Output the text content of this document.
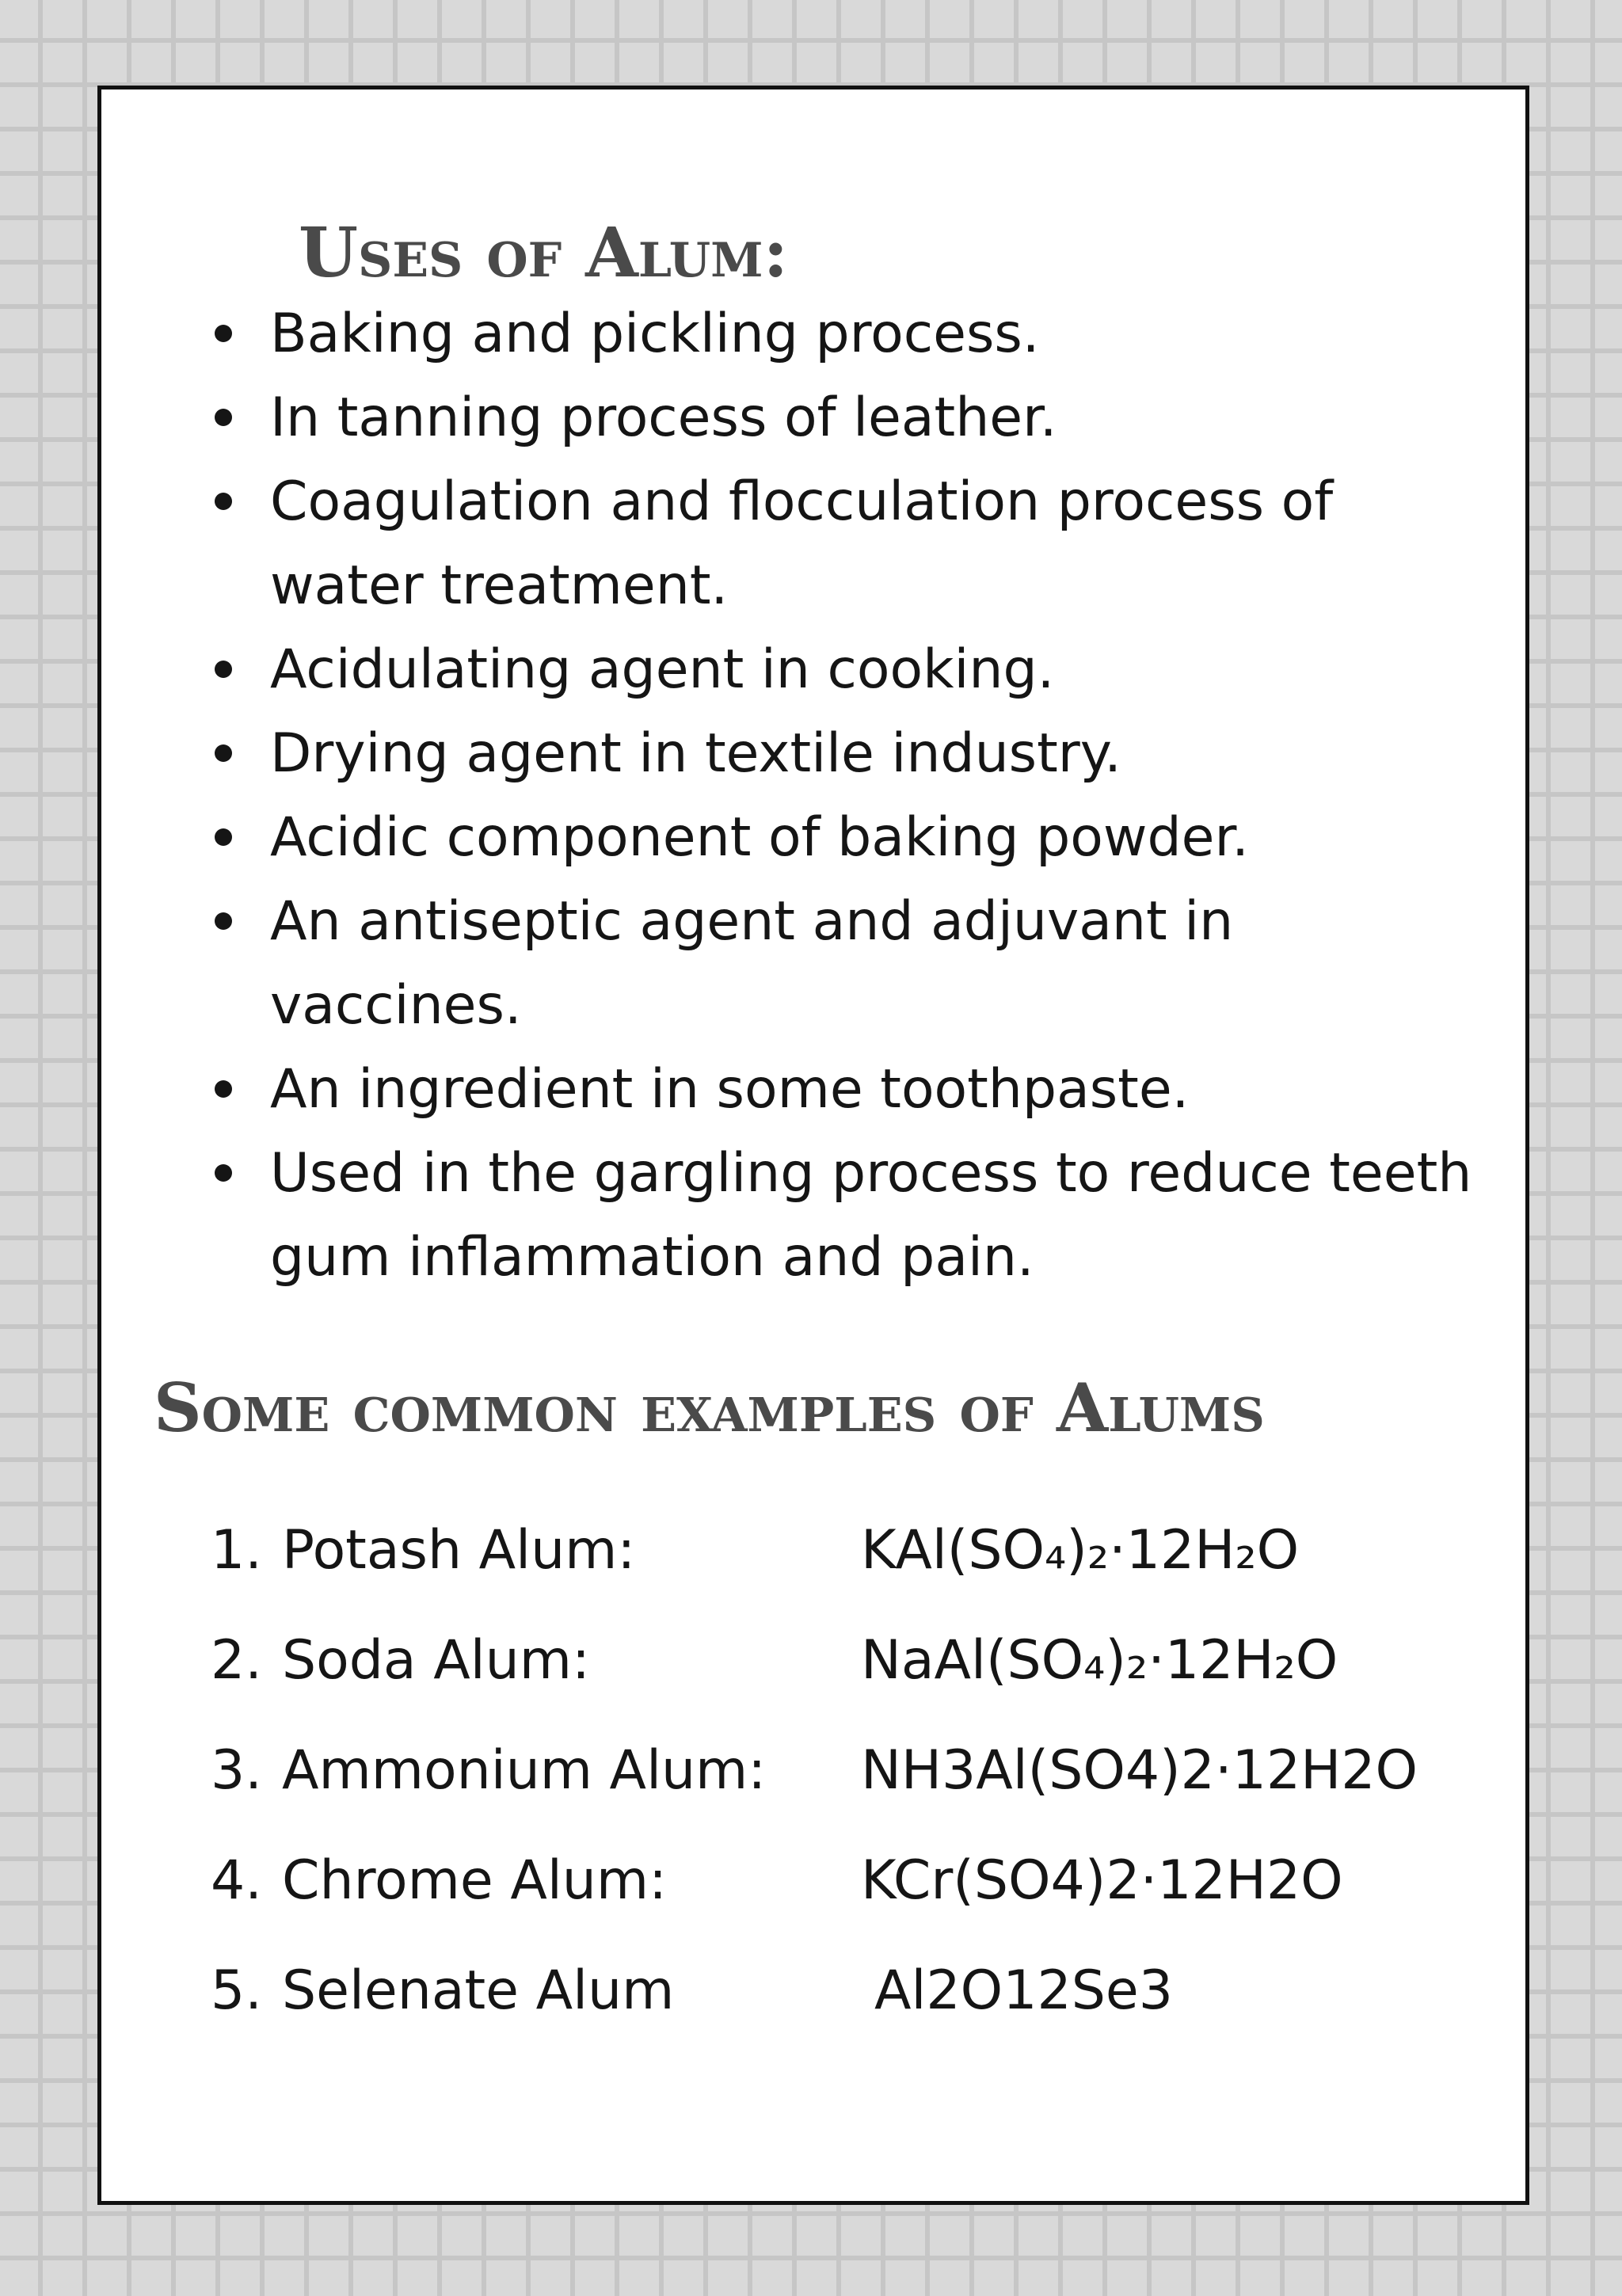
Uses of Alum:
Baking and pickling process.
In tanning process of leather.
Coagulation and flocculation process of water treatment.
Acidulating agent in cooking.
Drying agent in textile industry.
Acidic component of baking powder.
An antiseptic agent and adjuvant in vaccines.
An ingredient in some toothpaste.
Used in the gargling process to reduce teeth gum inflammation and pain.
Some common examples of Alums
1. Potash Alum:	KAl(SO₄)₂·12H₂O
2. Soda Alum:	NaAl(SO₄)₂·12H₂O
3. Ammonium Alum: NH3Al(SO4)2·12H2O
4. Chrome Alum:	KCr(SO4)2·12H2O
5. Selenate Alum	Al2O12Se3
